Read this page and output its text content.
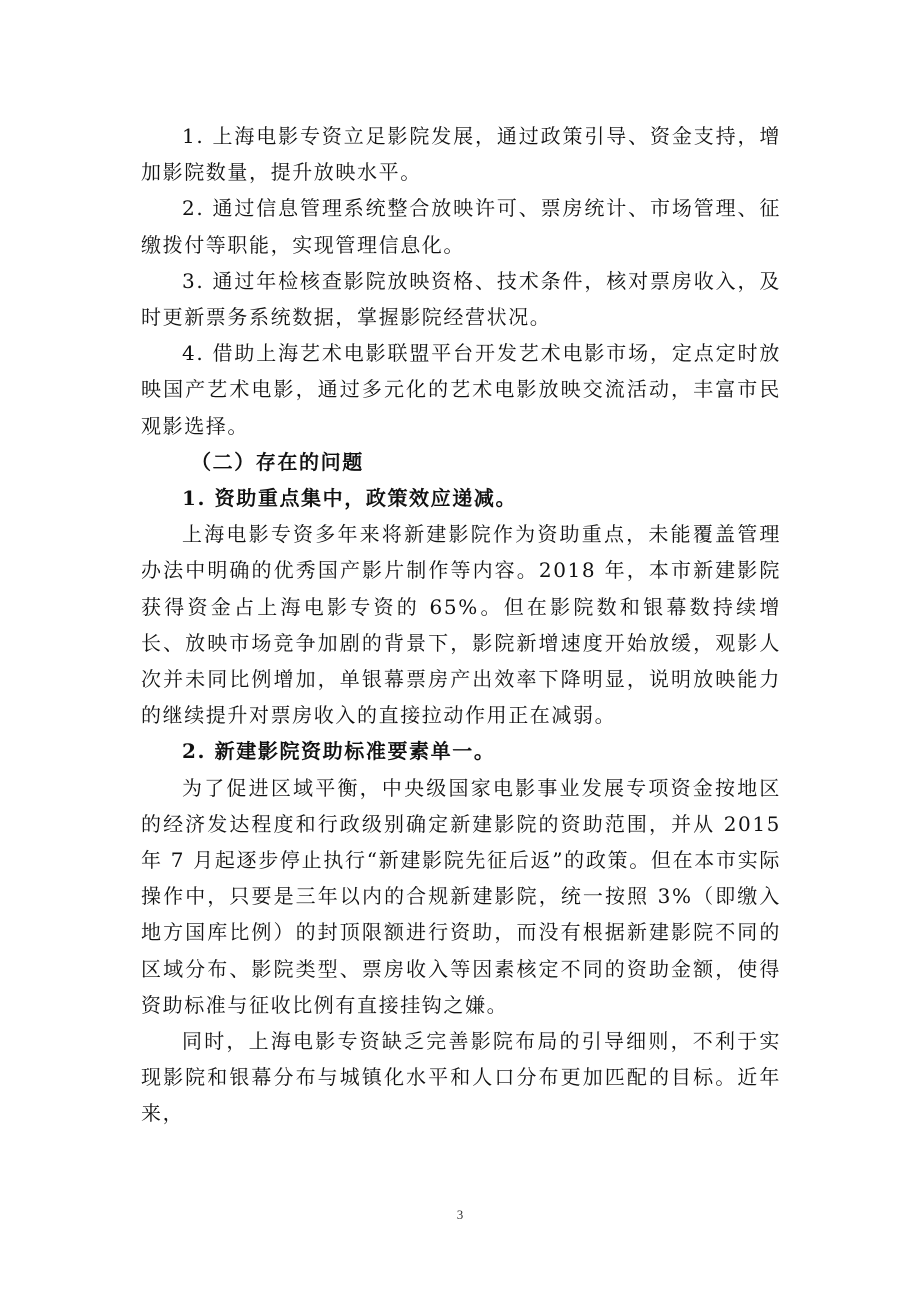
1. 上海电影专资立足影院发展，通过政策引导、资金支持，增加影院数量，提升放映水平。

2. 通过信息管理系统整合放映许可、票房统计、市场管理、征缴拨付等职能，实现管理信息化。

3. 通过年检核查影院放映资格、技术条件，核对票房收入，及时更新票务系统数据，掌握影院经营状况。

4. 借助上海艺术电影联盟平台开发艺术电影市场，定点定时放映国产艺术电影，通过多元化的艺术电影放映交流活动，丰富市民观影选择。

（二）存在的问题

1. 资助重点集中，政策效应递减。

上海电影专资多年来将新建影院作为资助重点，未能覆盖管理办法中明确的优秀国产影片制作等内容。2018 年，本市新建影院获得资金占上海电影专资的 65%。但在影院数和银幕数持续增长、放映市场竞争加剧的背景下，影院新增速度开始放缓，观影人次并未同比例增加，单银幕票房产出效率下降明显，说明放映能力的继续提升对票房收入的直接拉动作用正在减弱。

2. 新建影院资助标准要素单一。

为了促进区域平衡，中央级国家电影事业发展专项资金按地区的经济发达程度和行政级别确定新建影院的资助范围，并从 2015 年 7 月起逐步停止执行“新建影院先征后返”的政策。但在本市实际操作中，只要是三年以内的合规新建影院，统一按照 3%（即缴入地方国库比例）的封顶限额进行资助，而没有根据新建影院不同的区域分布、影院类型、票房收入等因素核定不同的资助金额，使得资助标准与征收比例有直接挂钩之嫌。

同时，上海电影专资缺乏完善影院布局的引导细则，不利于实现影院和银幕分布与城镇化水平和人口分布更加匹配的目标。近年来，

3
